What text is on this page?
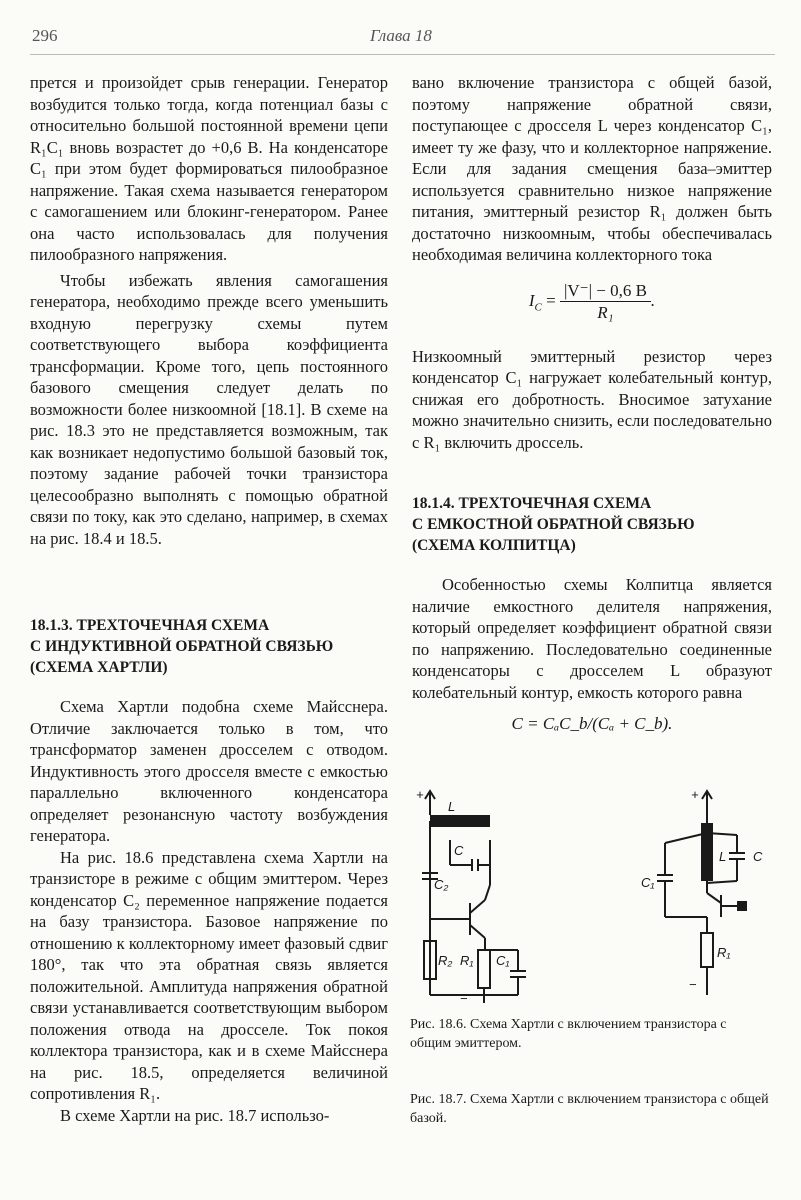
296	Глава 18

прется и произойдет срыв генерации. Генератор возбудится только тогда, когда потенциал базы с относительно большой постоянной времени цепи R₁C₁ вновь возрастет до +0,6 В. На конденсаторе C₁ при этом будет формироваться пилообразное напряжение. Такая схема называется генератором с самогашением или блокинг-генератором. Ранее она часто использовалась для получения пилообразного напряжения.

Чтобы избежать явления самогашения генератора, необходимо прежде всего уменьшить входную перегрузку схемы путем соответствующего выбора коэффициента трансформации. Кроме того, цепь постоянного базового смещения следует делать по возможности более низкоомной [18.1]. В схеме на рис. 18.3 это не представляется возможным, так как возникает недопустимо большой базовый ток, поэтому задание рабочей точки транзистора целесообразно выполнять с помощью обратной связи по току, как это сделано, например, в схемах на рис. 18.4 и 18.5.

18.1.3. ТРЕХТОЧЕЧНАЯ СХЕМА
С ИНДУКТИВНОЙ ОБРАТНОЙ СВЯЗЬЮ
(СХЕМА ХАРТЛИ)

Схема Хартли подобна схеме Майсснера. Отличие заключается только в том, что трансформатор заменен дросселем с отводом. Индуктивность этого дросселя вместе с емкостью параллельно включенного конденсатора определяет резонансную частоту возбуждения генератора.

На рис. 18.6 представлена схема Хартли на транзисторе в режиме с общим эмиттером. Через конденсатор C₂ переменное напряжение подается на базу транзистора. Базовое напряжение по отношению к коллекторному имеет фазовый сдвиг 180°, так что эта обратная связь является положительной. Амплитуда напряжения обратной связи устанавливается соответствующим выбором положения отвода на дросселе. Ток покоя коллектора транзистора, как и в схеме Майсснера на рис. 18.5, определяется величиной сопротивления R₁.

В схеме Хартли на рис. 18.7 использо-

вано включение транзистора с общей базой, поэтому напряжение обратной связи, поступающее с дросселя L через конденсатор C₁, имеет ту же фазу, что и коллекторное напряжение. Если для задания смещения база–эмиттер используется сравнительно низкое напряжение питания, эмиттерный резистор R₁ должен быть достаточно низкоомным, чтобы обеспечивалась необходимая величина коллекторного тока

$I_C = \frac{|V^-| - 0,6 В}{\text{R₁}}$ .

Низкоомный эмиттерный резистор через конденсатор C₁ нагружает колебательный контур, снижая его добротность. Вносимое затухание можно значительно снизить, если последовательно с R₁ включить дроссель.

18.1.4. ТРЕХТОЧЕЧНАЯ СХЕМА
С ЕМКОСТНОЙ ОБРАТНОЙ СВЯЗЬЮ
(СХЕМА КОЛПИТЦА)

Особенностью схемы Колпитца является наличие емкостного делителя напряжения, который определяет коэффициент обратной связи по напряжению. Последовательно соединенные конденсаторы с дросселем L образуют колебательный контур, емкость которого равна

C = CₐC_b/(Cₐ + C_b).
+
L
C
C₂
R₂ R₁ C₁
−
+
L C
C₁
R₁
−
Рис. 18.6. Схема Хартли с включением транзистора с общим эмиттером.
Рис. 18.7. Схема Хартли с включением транзистора с общей базой.
